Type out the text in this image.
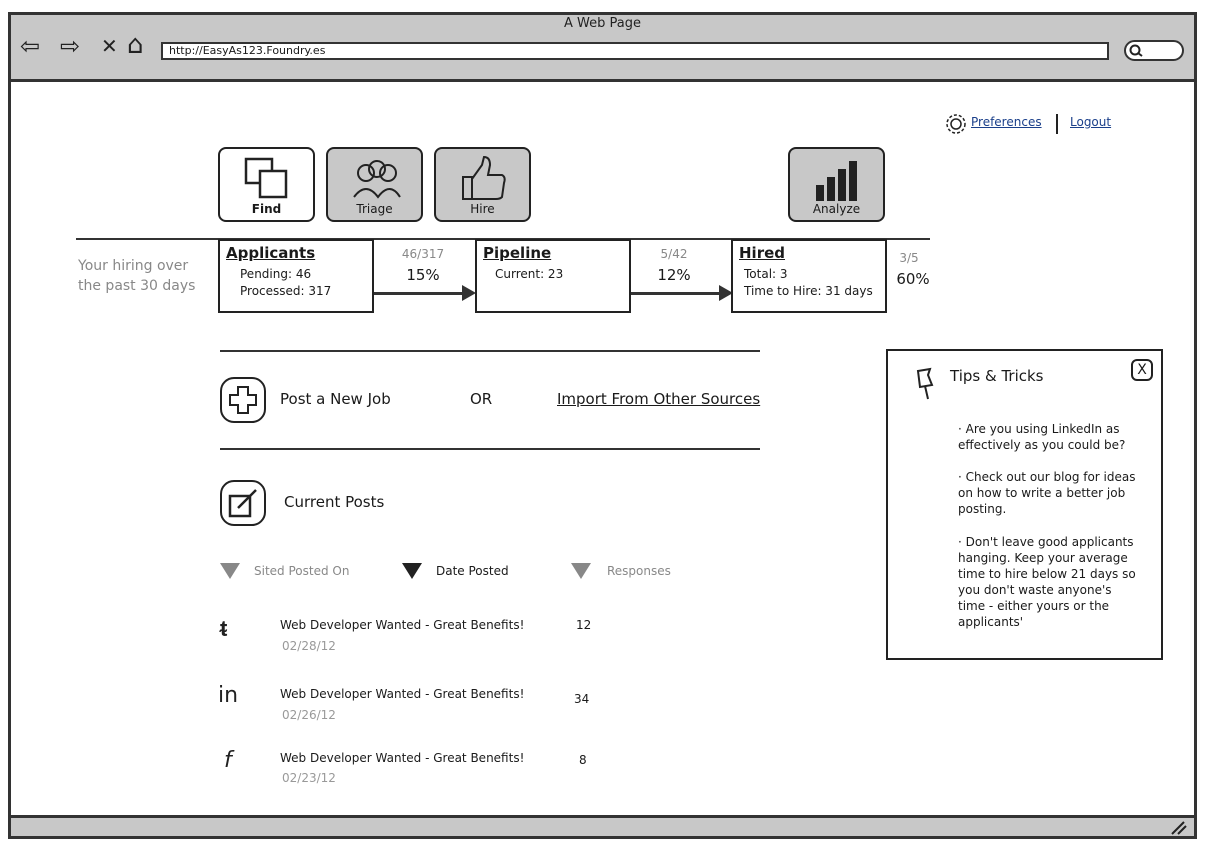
A Web Page
⇦ ⇨ ✕ ⌂	http://EasyAs123.Foundry.es
Preferences Logout
Find	Triage	Hire	Analyze
Your hiring over the past 30 days
Applicants
Pending: 46
Processed: 317
46/317
15%
Pipeline
Current: 23
5/42
12%
Hired
Total: 3
Time to Hire: 31 days
3/5
60%
Post a New Job	OR	Import From Other Sources
Current Posts
Sited Posted On	Date Posted	Responses
ᵵ	Web Developer Wanted - Great Benefits!
02/28/12
12
in	Web Developer Wanted - Great Benefits!
02/26/12
34
f	Web Developer Wanted - Great Benefits!
02/23/12
8
Tips & Tricks	X
· Are you using LinkedIn as effectively as you could be?
· Check out our blog for ideas on how to write a better job posting.
· Don't leave good applicants hanging. Keep your average time to hire below 21 days so you don't waste anyone's time - either yours or the applicants'
